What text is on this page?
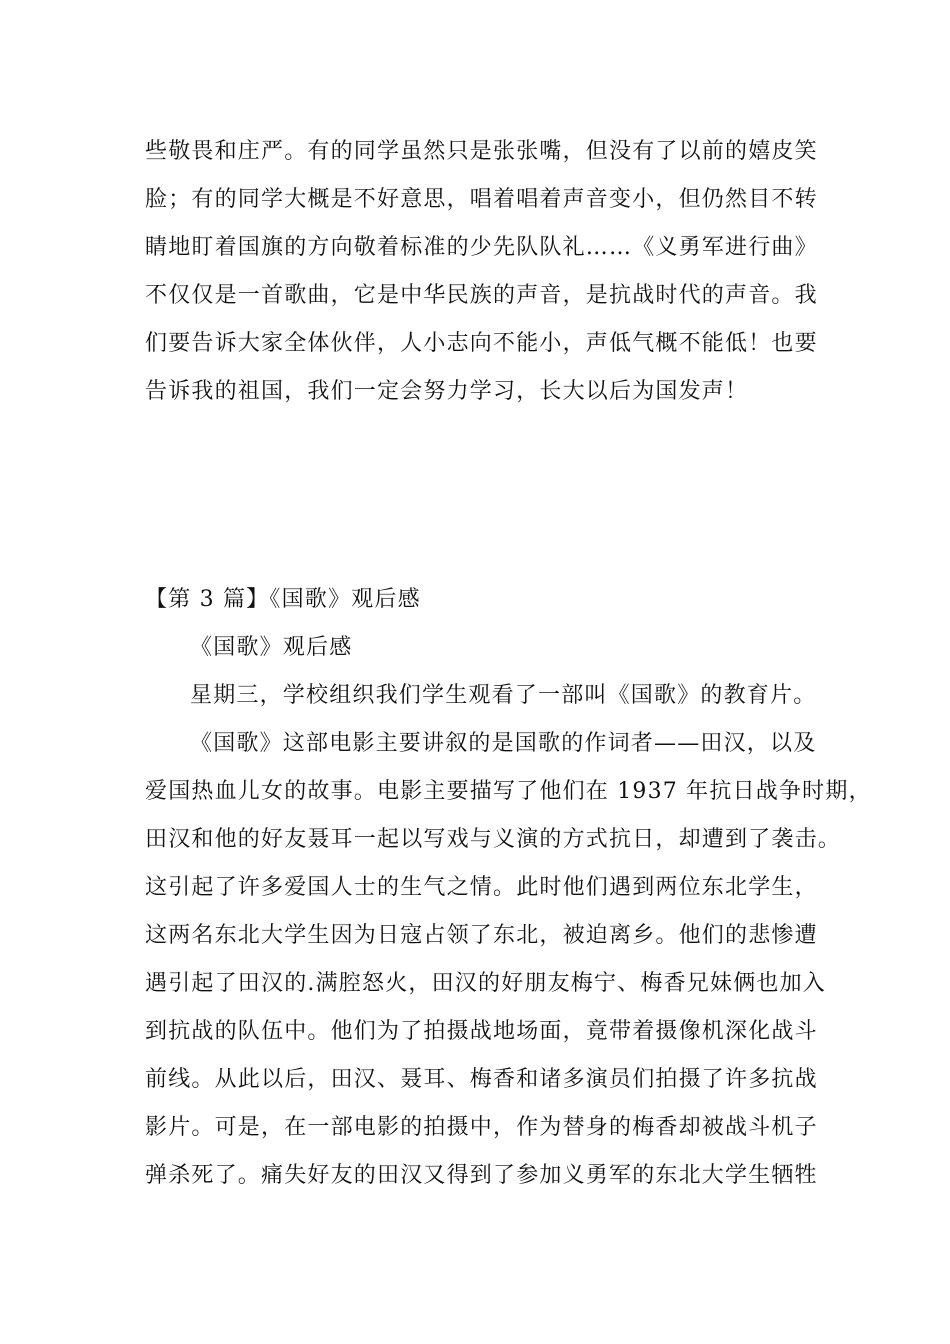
些敬畏和庄严。有的同学虽然只是张张嘴，但没有了以前的嬉皮笑
脸；有的同学大概是不好意思，唱着唱着声音变小，但仍然目不转
睛地盯着国旗的方向敬着标准的少先队队礼……《义勇军进行曲》
不仅仅是一首歌曲，它是中华民族的声音，是抗战时代的声音。我
们要告诉大家全体伙伴，人小志向不能小，声低气概不能低！也要
告诉我的祖国，我们一定会努力学习，长大以后为国发声！
【第 3 篇】《国歌》观后感
《国歌》观后感
星期三，学校组织我们学生观看了一部叫《国歌》的教育片。
《国歌》这部电影主要讲叙的是国歌的作词者——田汉，以及
爱国热血儿女的故事。电影主要描写了他们在 1937 年抗日战争时期，
田汉和他的好友聂耳一起以写戏与义演的方式抗日，却遭到了袭击。
这引起了许多爱国人士的生气之情。此时他们遇到两位东北学生，
这两名东北大学生因为日寇占领了东北，被迫离乡。他们的悲惨遭
遇引起了田汉的.满腔怒火，田汉的好朋友梅宁、梅香兄妹俩也加入
到抗战的队伍中。他们为了拍摄战地场面，竟带着摄像机深化战斗
前线。从此以后，田汉、聂耳、梅香和诸多演员们拍摄了许多抗战
影片。可是，在一部电影的拍摄中，作为替身的梅香却被战斗机子
弹杀死了。痛失好友的田汉又得到了参加义勇军的东北大学生牺牲
